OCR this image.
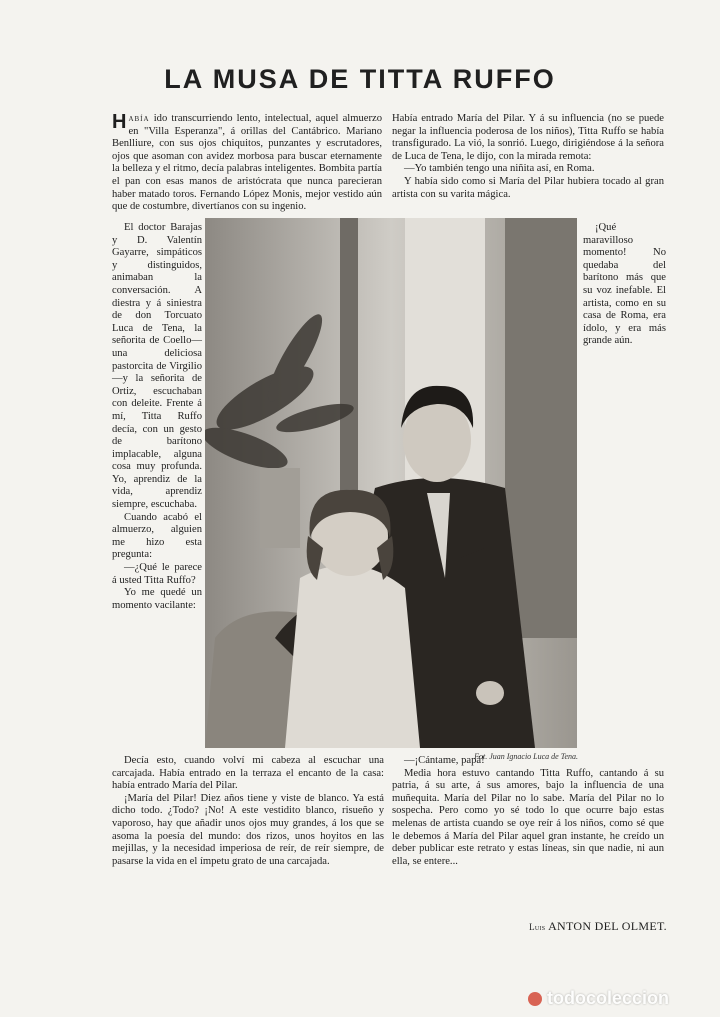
LA MUSA DE TITTA RUFFO

Había ido transcurriendo lento, intelectual, aquel almuerzo en "Villa Esperanza", á orillas del Cantábrico. Mariano Benlliure, con sus ojos chiquitos, punzantes y escrutadores, ojos que asoman con avidez morbosa para buscar eternamente la belleza y el ritmo, decía palabras inteligentes. Bombita partía el pan con esas manos de aristócrata que nunca parecieran haber matado toros. Fernando López Monis, mejor vestido aún que de costumbre, divertíanos con su ingenio.

Había entrado María del Pilar. Y á su influencia (no se puede negar la influencia poderosa de los niños), Titta Ruffo se había transfigurado. La vió, la sonrió. Luego, dirigiéndose á la señora de Luca de Tena, le dijo, con la mirada remota:

—Yo también tengo una niñita así, en Roma.

Y había sido como si María del Pilar hubiera tocado al gran artista con su varita mágica.

El doctor Barajas y D. Valentín Gayarre, simpáticos y distinguidos, animaban la conversación. A diestra y á siniestra de don Torcuato Luca de Tena, la señorita de Coello—una deliciosa pastorcita de Virgilio—y la señorita de Ortiz, escuchaban con deleite. Frente á mí, Titta Ruffo decía, con un gesto de barítono implacable, alguna cosa muy profunda. Yo, aprendiz de la vida, aprendiz siempre, escuchaba.

Cuando acabó el almuerzo, alguien me hizo esta pregunta:

—¿Qué le parece á usted Titta Ruffo?

Yo me quedé un momento vacilante:

¡Qué maravilloso momento! No quedaba del barítono más que su voz inefable. El artista, como en su casa de Roma, era ídolo, y era más grande aún.

Fot. Juan Ignacio Luca de Tena.

Decía esto, cuando volví mi cabeza al escuchar una carcajada. Había entrado en la terraza el encanto de la casa: había entrado María del Pilar.

¡María del Pilar! Diez años tiene y viste de blanco. Ya está dicho todo. ¿Todo? ¡No! A este vestidito blanco, risueño y vaporoso, hay que añadir unos ojos muy grandes, á los que se asoma la poesía del mundo: dos rizos, unos hoyitos en las mejillas, y la necesidad imperiosa de reír, de reír siempre, de pasarse la vida en el ímpetu grato de una carcajada.

—¡Cántame, papá!

Media hora estuvo cantando Titta Ruffo, cantando á su patria, á su arte, á sus amores, bajo la influencia de una muñequita. María del Pilar no lo sabe. María del Pilar no lo sospecha. Pero como yo sé todo lo que ocurre bajo estas melenas de artista cuando se oye reír á los niños, como sé que le debemos á María del Pilar aquel gran instante, he creído un deber publicar este retrato y estas líneas, sin que nadie, ni aun ella, se entere...

Luis ANTON DEL OLMET.
todocoleccion
